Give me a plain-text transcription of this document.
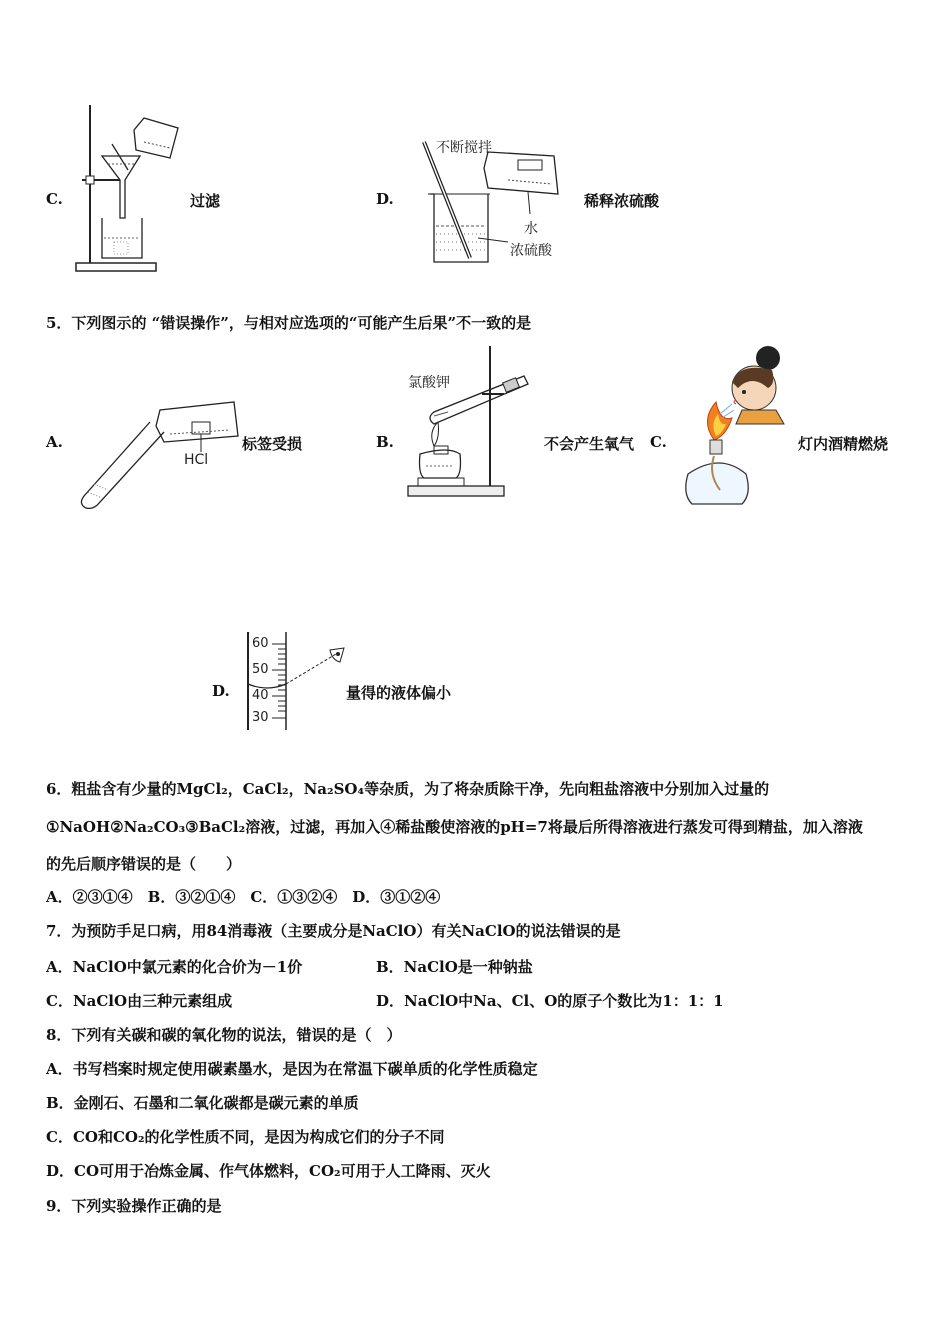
C.	过滤	D.
不断搅拌
水
浓硫酸
稀释浓硫酸
5．下列图示的 “错误操作”，与相对应选项的“可能产生后果”不一致的是
A.
HCl
标签受损	B.
氯酸钾
不会产生氧气 C.	灯内酒精燃烧
D.
60
50
40
30
量得的液体偏小
6．粗盐含有少量的MgCl₂，CaCl₂，Na₂SO₄等杂质，为了将杂质除干净，先向粗盐溶液中分别加入过量的
①NaOH②Na₂CO₃③BaCl₂溶液，过滤，再加入④稀盐酸使溶液的pH=7将最后所得溶液进行蒸发可得到精盐，加入溶液
的先后顺序错误的是（　　）
A．②③①④　B．③②①④　C．①③②④　D．③①②④
7．为预防手足口病，用84消毒液（主要成分是NaClO）有关NaClO的说法错误的是
A．NaClO中氯元素的化合价为－1价	B．NaClO是一种钠盐
C．NaClO由三种元素组成	D．NaClO中Na、Cl、O的原子个数比为1：1：1
8．下列有关碳和碳的氧化物的说法，错误的是（　）
A．书写档案时规定使用碳素墨水，是因为在常温下碳单质的化学性质稳定
B．金刚石、石墨和二氧化碳都是碳元素的单质
C．CO和CO₂的化学性质不同，是因为构成它们的分子不同
D．CO可用于冶炼金属、作气体燃料，CO₂可用于人工降雨、灭火
9．下列实验操作正确的是
